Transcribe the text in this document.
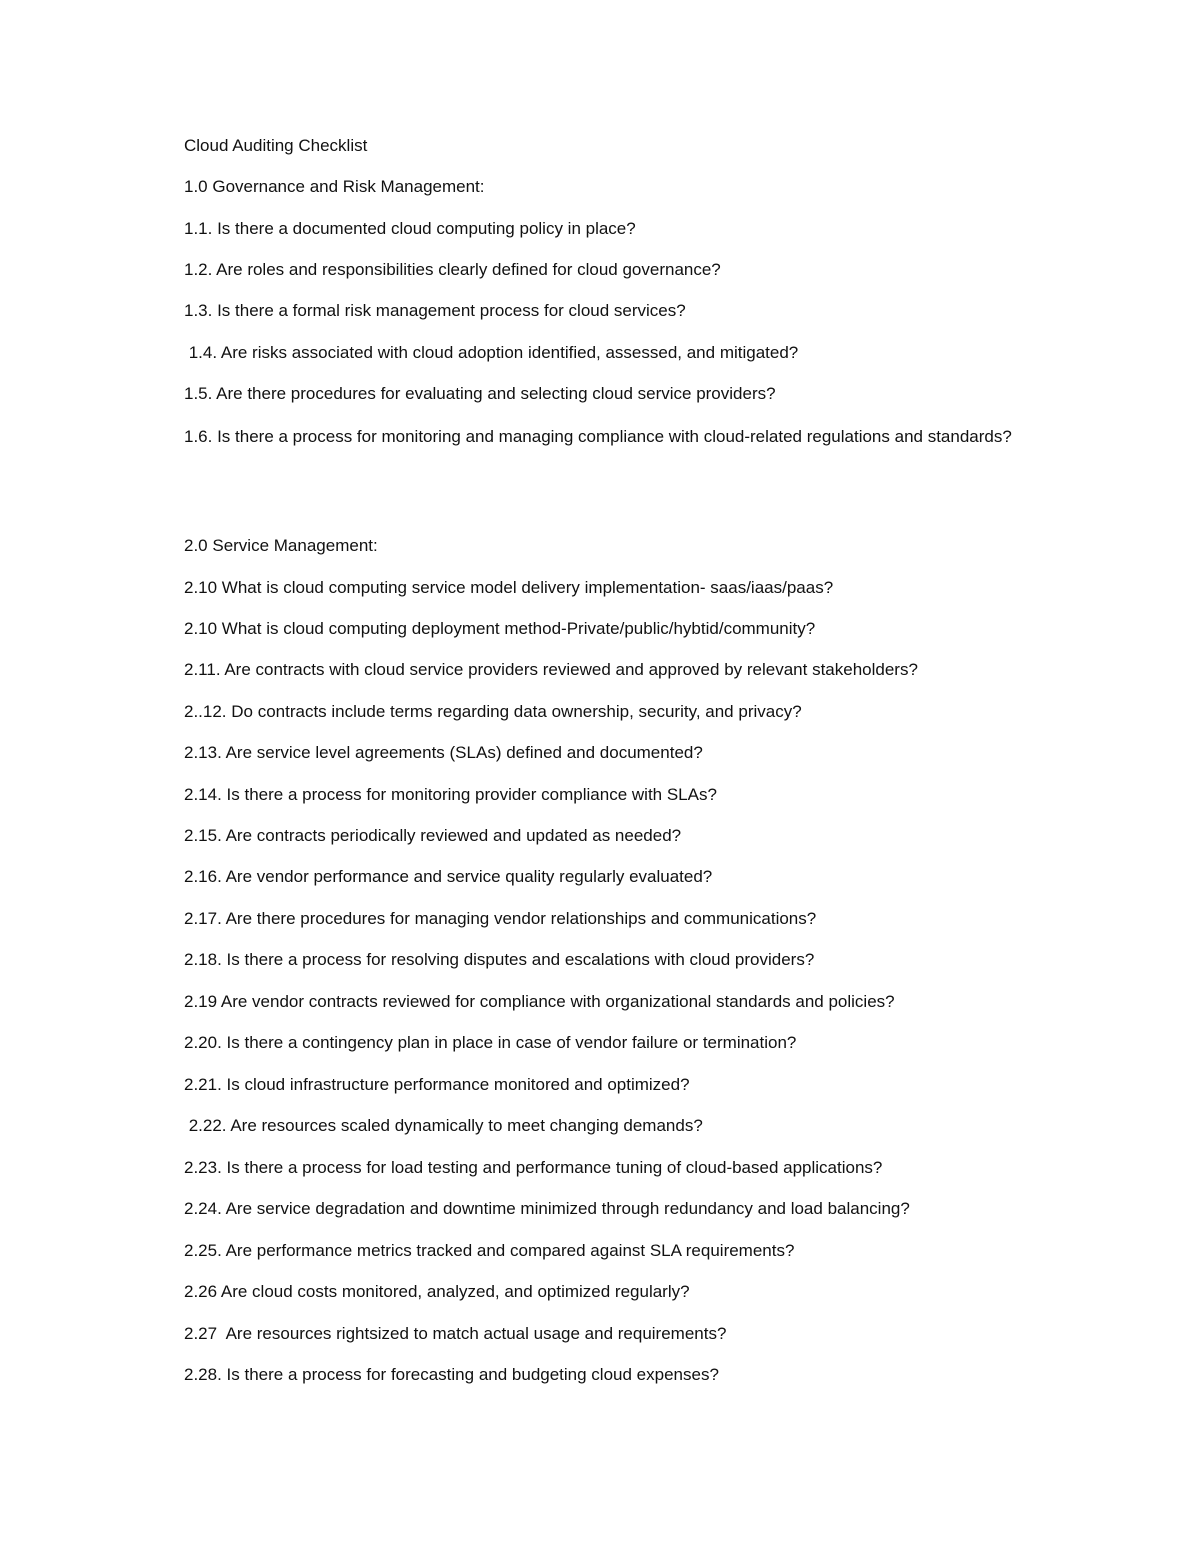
Cloud Auditing Checklist
1.0 Governance and Risk Management:
1.1. Is there a documented cloud computing policy in place?
1.2. Are roles and responsibilities clearly defined for cloud governance?
1.3. Is there a formal risk management process for cloud services?
1.4. Are risks associated with cloud adoption identified, assessed, and mitigated?
1.5. Are there procedures for evaluating and selecting cloud service providers?
1.6. Is there a process for monitoring and managing compliance with cloud-related regulations and standards?
2.0 Service Management:
2.10 What is cloud computing service model delivery implementation- saas/iaas/paas?
2.10 What is cloud computing deployment method-Private/public/hybtid/community?
2.11. Are contracts with cloud service providers reviewed and approved by relevant stakeholders?
2..12. Do contracts include terms regarding data ownership, security, and privacy?
2.13. Are service level agreements (SLAs) defined and documented?
2.14. Is there a process for monitoring provider compliance with SLAs?
2.15. Are contracts periodically reviewed and updated as needed?
2.16. Are vendor performance and service quality regularly evaluated?
2.17. Are there procedures for managing vendor relationships and communications?
2.18. Is there a process for resolving disputes and escalations with cloud providers?
2.19 Are vendor contracts reviewed for compliance with organizational standards and policies?
2.20. Is there a contingency plan in place in case of vendor failure or termination?
2.21. Is cloud infrastructure performance monitored and optimized?
2.22. Are resources scaled dynamically to meet changing demands?
2.23. Is there a process for load testing and performance tuning of cloud-based applications?
2.24. Are service degradation and downtime minimized through redundancy and load balancing?
2.25. Are performance metrics tracked and compared against SLA requirements?
2.26 Are cloud costs monitored, analyzed, and optimized regularly?
2.27  Are resources rightsized to match actual usage and requirements?
2.28. Is there a process for forecasting and budgeting cloud expenses?
